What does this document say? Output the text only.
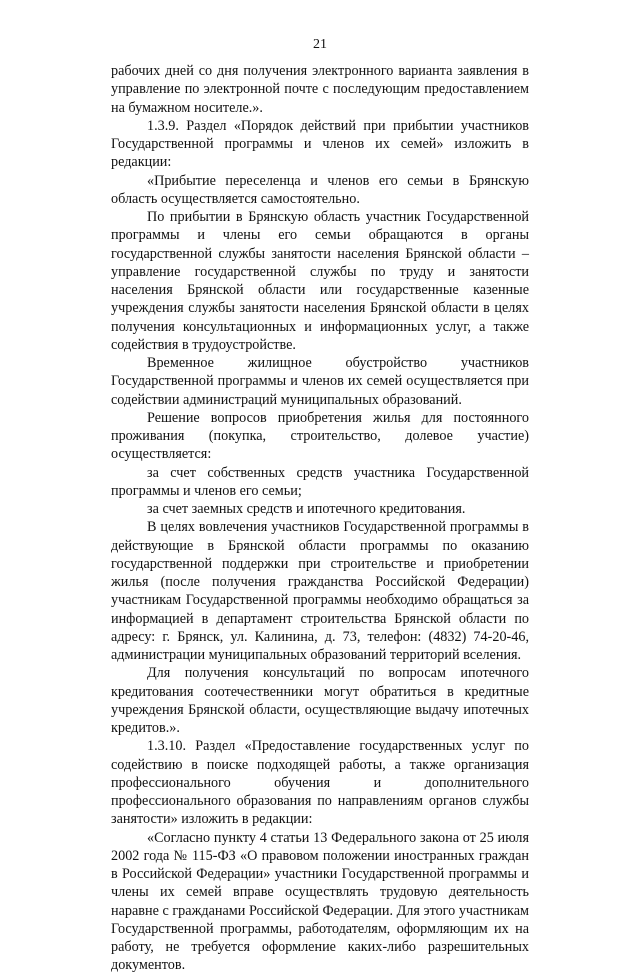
21

рабочих дней со дня получения электронного варианта заявления в управление по электронной почте с последующим предоставлением на бумажном носителе.».

1.3.9. Раздел «Порядок действий при прибытии участников Государственной программы и членов их семей» изложить в редакции:

«Прибытие переселенца и членов его семьи в Брянскую область осуществляется самостоятельно.

По прибытии в Брянскую область участник Государственной программы и члены его семьи обращаются в органы государственной службы занятости населения Брянской области – управление государственной службы по труду и занятости населения Брянской области или государственные казенные учреждения службы занятости населения Брянской области в целях получения консультационных и информационных услуг, а также содействия в трудоустройстве.

Временное жилищное обустройство участников Государственной программы и членов их семей осуществляется при содействии администраций муниципальных образований.

Решение вопросов приобретения жилья для постоянного проживания (покупка, строительство, долевое участие) осуществляется:

за счет собственных средств участника Государственной программы и членов его семьи;

за счет заемных средств и ипотечного кредитования.

В целях вовлечения участников Государственной программы в действующие в Брянской области программы по оказанию государственной поддержки при строительстве и приобретении жилья (после получения гражданства Российской Федерации) участникам Государственной программы необходимо обращаться за информацией в департамент строительства Брянской области по адресу: г. Брянск, ул. Калинина, д. 73, телефон: (4832) 74-20-46, администрации муниципальных образований территорий вселения.

Для получения консультаций по вопросам ипотечного кредитования соотечественники могут обратиться в кредитные учреждения Брянской области, осуществляющие выдачу ипотечных кредитов.».

1.3.10. Раздел «Предоставление государственных услуг по содействию в поиске подходящей работы, а также организация профессионального обучения и дополнительного профессионального образования по направлениям органов службы занятости» изложить в редакции:

«Согласно пункту 4 статьи 13 Федерального закона от 25 июля 2002 года № 115-ФЗ «О правовом положении иностранных граждан в Российской Федерации» участники Государственной программы и члены их семей вправе осуществлять трудовую деятельность наравне с гражданами Российской Федерации. Для этого участникам Государственной программы, работодателям, оформляющим их на работу, не требуется оформление каких-либо разрешительных документов.
